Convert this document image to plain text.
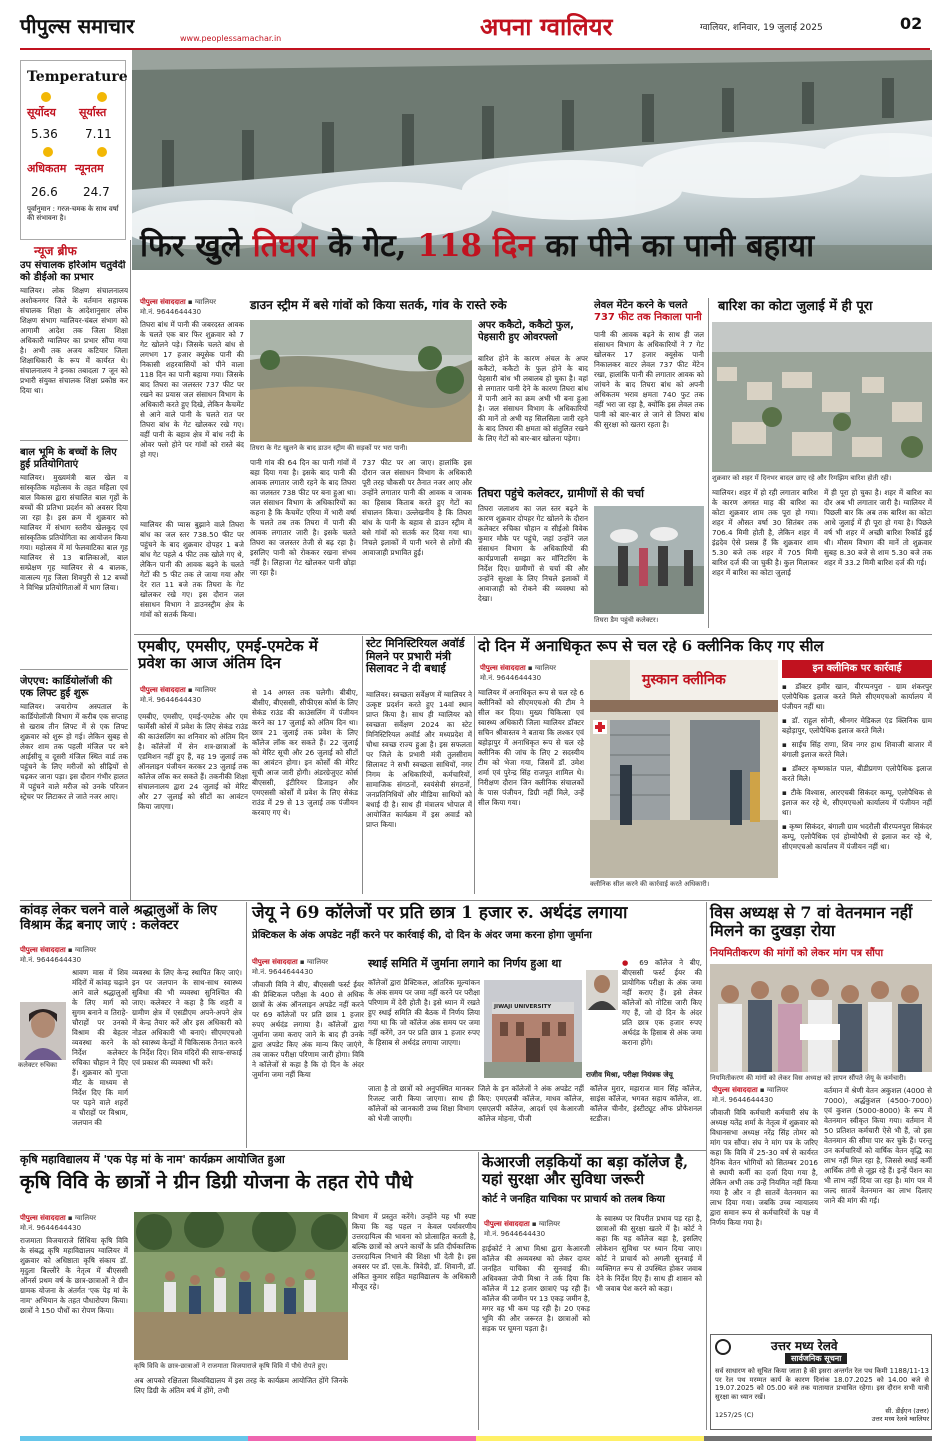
पीपुल्स समाचार
www.peoplessamachar.in	अपना ग्वालियर	ग्वालियर, शनिवार, 19 जुलाई 2025	02
Temperature
सूर्योदय सूर्यास्त
5.36 7.11
अधिकतम न्यूनतम
26.6 24.7
पूर्वानुमान : गरज-चमक के साथ वर्षा की संभावना है।
न्यूज ब्रीफ
उप संचालक हरिओम चतुर्वेदी को डीईओ का प्रभार
ग्वालियर। लोक शिक्षण संचालनालय अशोकनगर जिले के वर्तमान सहायक संचालक शिक्षा के आदेशानुसार लोक शिक्षण संभाग ग्वालियर-चंबल संभाग को आगामी आदेश तक जिला शिक्षा अधिकारी ग्वालियर का प्रभार सौंपा गया है। अभी तक अजय कटियार जिला शिक्षाधिकारी के रूप में कार्यरत थे। संचालनालय ने इनका तबादला 7 जून को प्रभारी संयुक्त संचालक शिक्षा प्रकोष्ठ कर दिया था।
बाल भूमि के बच्चों के लिए हुई प्रतियोगिताएं
ग्वालियर। मुख्यमंत्री बाल खेल व सांस्कृतिक महोत्सव के तहत महिला एवं बाल विकास द्वारा संचालित बाल गृहों के बच्चों की प्रतिभा प्रदर्शन को अवसर दिया जा रहा है। इस क्रम में शुक्रवार को ग्वालियर में संभाग स्तरीय खेलकूद एवं सांस्कृतिक प्रतियोगिता का आयोजन किया गया। महोत्सव में मां फेलवाटिका बाल गृह ग्वालियर से 13 बालिकाओं, बाल सम्प्रेक्षण गृह ग्वालियर से 4 बालक, वात्सल्य गृह जिला शिवपुरी से 12 बच्चों ने विभिन्न प्रतियोगिताओं में भाग लिया।
जेएएच: कार्डियोलॉजी की एक लिफ्ट हुई शुरू
ग्वालियर। जयारोग्य अस्पताल के कार्डियोलॉजी विभाग में करीब एक सप्ताह से खराब तीन लिफ्ट में से एक लिफ्ट शुक्रवार को शुरू हो गई। लेकिन सुबह से लेकर शाम तक पहली मंजिल पर बने आईसीयू व दूसरी मंजिल स्थित वार्ड तक पहुंचने के लिए मरीजों को सीढ़ियों से चढ़कर जाना पड़ा। इस दौरान गंभीर हालत में पहुंचने वाले मरीज को उनके परिजन स्ट्रेचर पर लिटाकर ले जाते नजर आए।
फिर खुले तिघरा के गेट, 118 दिन का पीने का पानी बहाया
पीपुल्स संवाददाता ▪ ग्वालियर
मो.नं. 9644644430	डाउन स्ट्रीम में बसे गांवों को किया सतर्क, गांव के रास्ते रुके
तिघरा के गेट खुलने के बाद डाउन स्ट्रीम की सड़कों पर भरा पानी।
तिघरा बांध में पानी की जबरदस्त आवक के चलते एक बार फिर शुक्रवार को 7 गेट खोलने पड़े। जिसके चलते बांध से लगभग 17 हजार क्यूसेक पानी की निकासी शहरवासियों को पीने वाला 118 दिन का पानी बहाया गया। जिसके बाद तिघरा का जलस्तर 737 फीट पर रखने का प्रयास जल संसाधन विभाग के अधिकारी करते हुए दिखे, लेकिन कैचमेंट से आने वाले पानी के चलते रात पर तिघरा बांध के गेट खोलकर रखे गए। वहीं पानी के बहाव क्षेत्र में बांध नदी के ओवर फ्लो होने पर गांवों को रास्ते बंद हो गए।
ग्वालियर की प्यास बुझाने वाले तिघरा बांध का जल स्तर 738.50 फीट पर पहुंचने के बाद शुक्रवार दोपहर 1 बजे बांध गेट पहले 4 फीट तक खोले गए थे, लेकिन पानी की आवक बढ़ने के चलते गेटों की 5 फीट तक ले जाया गया और देर रात 11 बजे तक तिघरा के गेट खोलकर रखे गए। इस दौरान जल संसाधन विभाग ने डाउनस्ट्रीम क्षेत्र के गांवों को सतर्क किया।
पानी गांव की 64 दिन का पानी गांवों में बहा दिया गया है। इसके बाद पानी की आवक लगातार जारी रहने के बाद तिघरा का जलस्तर 738 फीट पर बना हुआ था। जल संसाधन विभाग के अधिकारियों का कहना है कि कैचमेंट एरिया में भारी वर्षा के चलते तब तक तिघरा में पानी की आवक लगातार जारी है। इसके चलते तिघरा का जलस्तर तेजी से बढ़ रहा है। इसलिए पानी को रोककर रखना संभव नहीं है। लिहाजा गेट खोलकर पानी छोड़ा जा रहा है।
737 फीट पर आ जाए। हालांकि इस दौरान जल संसाधन विभाग के अधिकारी पूरी तरह चौकसी पर तैनात नजर आए और उन्होंने लगातार पानी की आवक व जावक का हिसाब किताब करते हुए गेटों का संचालन किया। उल्लेखनीय है कि तिघरा बांध के पानी के बहाव से डाउन स्ट्रीम में बसे गांवों को सतर्क कर दिया गया था। निचले इलाकों में पानी भरने से लोगों की आवाजाही प्रभावित हुई।
अपर ककैटो, ककैटो फुल, पेहसारी हुए ओवरफ्लो
बारिश होने के कारण अंचल के अपर ककैटो, ककैटो के फुल होने के बाद पेहसारी बांध भी लबालब हो चुका है। वहां से लगातार पानी देने के कारण तिघरा बांध में पानी आने का क्रम अभी भी बना हुआ है। जल संसाधन विभाग के अधिकारियों की मानें तो अभी यह सिलसिला जारी रहने के बाद तिघरा की क्षमता को संतुलित रखने के लिए गेटों को बार-बार खोलना पड़ेगा।
लेवल मेंटेन करने के चलते
737 फीट तक निकाला पानी
पानी की आवक बढ़ने के साथ ही जल संसाधन विभाग के अधिकारियों ने 7 गेट खोलकर 17 हजार क्यूसेक पानी निकालकर वाटर लेवल 737 फीट मेंटेन रखा, हालांकि पानी की लगातार आवक को जांचने के बाद तिघरा बांध को अपनी अधिकतम भराव क्षमता 740 फुट तक नहीं भरा जा रहा है, क्योंकि इस लेवल तक पानी को बार-बार ले जाने से तिघरा बांध की सुरक्षा को खतरा रहता है।
बारिश का कोटा जुलाई में ही पूरा
शुक्रवार को शहर में दिनभर बादल छाए रहे और रिमझिम बारिश होती रही।
ग्वालियर। शहर में हो रही लगातार बारिश के कारण अगस्त माह की बारिश का कोटा शुक्रवार शाम तक पूरा हो गया। शहर में औसत वर्षा 30 सितंबर तक 706.4 मिमी होती है, लेकिन शहर में इंद्रदेव ऐसे प्रसन्न हैं कि शुक्रवार शाम 5.30 बजे तक शहर में 705 मिमी बारिश दर्ज की जा चुकी है। कुल मिलाकर शहर में बारिश का कोटा जुलाई
में ही पूरा हो चुका है। शहर में बारिश का दौर अब भी लगातार जारी है। ग्वालियर में पिछली बार कि अब तक बारिश का कोटा आधे जुलाई में ही पूरा हो गया है। पिछले वर्ष भी शहर में अच्छी बारिश रिकॉर्ड हुई थी। मौसम विभाग की मानें तो शुक्रवार सुबह 8.30 बजे से शाम 5.30 बजे तक शहर में 33.2 मिमी बारिश दर्ज की गई।
तिघरा पहुंचे कलेक्टर, ग्रामीणों से की चर्चा
तिघरा जलाशय का जल स्तर बढ़ने के कारण शुक्रवार दोपहर गेट खोलने के दौरान कलेक्टर रुचिका चौहान व सीईओ विवेक कुमार मौके पर पहुंचे, जहां उन्होंने जल संसाधन विभाग के अधिकारियों की कार्यप्रणाली समझा कर मॉनिटरिंग के निर्देश दिए। ग्रामीणों से चर्चा की और उन्होंने सुरक्षा के लिए निचले इलाकों में आवाजाही को रोकने की व्यवस्था को देखा।
तिघरा डैम पहुंची कलेक्टर।
एमबीए, एमसीए, एमई-एमटेक में प्रवेश का आज अंतिम दिन
पीपुल्स संवाददाता ▪ ग्वालियर
मो.नं. 9644644430
एमबीए, एमसीए, एमई-एमटेक और एम फार्मेसी कोर्स में प्रवेश के लिए सेकंड राउंड की काउंसलिंग का शनिवार को अंतिम दिन है। कॉलेजों में सेन शत्र-छात्राओं के एडमिशन नहीं हुए हैं, वह 19 जुलाई तक ऑनलाइन पंजीयन करकर 23 जुलाई तक कॉलेज लॉक कर सकते हैं। तकनीकी शिक्षा संचालनालय द्वारा 24 जुलाई को मेरिट और 27 जुलाई को सीटों का आवंटन किया जाएगा।
से 14 अगस्त तक चलेगी। बीबीए, बीसीए, बीएससी, सीफीएस कोर्स के लिए सेकंड राउंड की काउंसलिंग में पंजीयन करने का 17 जुलाई को अंतिम दिन था। छात्र 21 जुलाई तक प्रवेश के लिए कॉलेज लॉक कर सकते हैं। 22 जुलाई को मेरिट सूची और 26 जुलाई को सीटों का आवंटन होगा। इन कोर्सों की मेरिट सूची आज जारी होगी। अंडरग्रेजुएट कोर्स बीएससी, इंटीरियर डिजाइन और एमएससी कोर्सों में प्रवेश के लिए सेकंड राउंड में 29 से 13 जुलाई तक पंजीयन करवाए गए थे।
स्टेट मिनिस्टिरियल अवॉर्ड मिलने पर प्रभारी मंत्री सिलावट ने दी बधाई
ग्वालियर। स्वच्छता सर्वेक्षण में ग्वालियर ने उत्कृष्ट प्रदर्शन करते हुए 14वां स्थान प्राप्त किया है। साथ ही ग्वालियर को स्वच्छता सर्वेक्षण 2024 का स्टेट मिनिस्टिरियल अवॉर्ड और मध्यप्रदेश में चौथा स्वच्छ राज्य हुआ है। इस सफलता पर जिले के प्रभारी मंत्री तुलसीराम सिलावट ने सभी स्वच्छता साथियों, नगर निगम के अधिकारियों, कर्मचारियों, सामाजिक संगठनों, स्वयंसेवी संगठनों, जनप्रतिनिधियों और मीडिया साथियों को बधाई दी है। साथ ही मंत्रालय भोपाल में आयोजित कार्यक्रम में इस अवार्ड को प्राप्त किया।
दो दिन में अनाधिकृत रूप से चल रहे 6 क्लीनिक किए गए सील
पीपुल्स संवाददाता ▪ ग्वालियर
मो.नं. 9644644430
ग्वालियर में अनाधिकृत रूप से चल रहे 6 क्लीनिकों को सीएमएचओ की टीम ने सील कर दिया। मुख्य चिकित्सा एवं स्वास्थ्य अधिकारी जिला ग्वालियर डॉक्टर सचिन श्रीवास्तव ने बताया कि लश्कर एवं बहोड़ापुर में अनाधिकृत रूप से चल रहे क्लीनिक की जांच के लिए 2 सदस्यीय टीम को भेजा गया, जिसमें डॉ. उमेश शर्मा एवं पुरेन्द्र सिंह राजपूत शामिल थे। निरीक्षण दौरान जिन क्लीनिक संचालकों के पास पंजीयन, डिग्री नहीं मिले, उन्हें सील किया गया।
मुस्कान क्लीनिक
क्लीनिक सील करने की कार्रवाई करते अधिकारी।
इन क्लीनिक पर कार्रवाई
▪ डॉक्टर हमीर खान, वीरप्पनपुरा - ग्राम शंकरपुर एलोपैथिक इलाज करते मिले सीएमएचओ कार्यालय में पंजीयन नहीं था।
▪ डॉ. राहुल सोनी, श्रीनगर मेडिकल एंड क्लिनिक ग्राम बहोड़ापुर, एलोपैथिक इलाज करते मिले।
▪ साईंच सिंह राणा, शिव नगर हाथ शिवाजी बाजार में बंगाली इलाज करते मिले।
▪ डॉक्टर कृष्णकांत पाल, बीडीप्रगण एलोपैथिक इलाज करते मिले।
▪ टीके विश्वास, आरएचबी सिकंदर कम्पू, एलोपैथिक से इलाज कर रहे थे, सीएमएचओ कार्यालय में पंजीयन नहीं था।
▪ कृष्ण सिकंदर, बंगाली ग्राम भदरौली वीरप्पनपुरा सिकंदर कम्पू, एलोपैथिक एवं होम्योपैथी से इलाज कर रहे थे, सीएमएचओ कार्यालय में पंजीयन नहीं था।
कांवड़ लेकर चलने वाले श्रद्धालुओं के लिए विश्राम केंद्र बनाए जाएं : कलेक्टर
पीपुल्स संवाददाता ▪ ग्वालियर
मो.नं. 9644644430
कलेक्टर रुचिका
श्रावण मास में शिव मंदिरों में कांवड़ चढ़ाने आने वाले श्रद्धालुओं के लिए मार्ग को सुगम बनाने व तिराहे-चौराहों पर उनको विश्राम की बेहतर व्यवस्था करने के निर्देश कलेक्टर रुचिका चौहान ने दिए हैं। शुक्रवार को गुप्ता मीट के माध्यम से निर्देश दिए कि मार्ग पर पड़ने वाले शहरों व चौराहों पर विश्राम, जलपान की
व्यवस्था के लिए केन्द्र स्थापित किए जाएं। इन पर जलपान के साथ-साथ स्वास्थ्य सुविधा की भी व्यवस्था सुनिश्चित की जाए। कलेक्टर ने कहा है कि शहरी व ग्रामीण क्षेत्र में एसडीएम अपने-अपने क्षेत्र में केन्द्र तैयार करें और इस अधिकारी को नोडल अधिकारी भी बनाएं। सीएमएचओ को स्वास्थ्य केन्द्रों में चिकित्सक तैनात करने के निर्देश दिए। शिव मंदिरों की साफ-सफाई एवं प्रकाश की व्यवस्था भी करें।
जेयू ने 69 कॉलेजों पर प्रति छात्र 1 हजार रु. अर्थदंड लगाया
प्रेक्टिकल के अंक अपडेट नहीं करने पर कार्रवाई की, दो दिन के अंदर जमा करना होगा जुर्माना
पीपुल्स संवाददाता ▪ ग्वालियर
मो.नं. 9644644430
जीवाजी विवि ने बीए, बीएससी फर्स्ट ईयर की प्रैक्टिकल परीक्षा के 400 से अधिक छात्रों के अंक ऑनलाइन अपडेट नहीं करने पर 69 कॉलेजों पर प्रति छात्र 1 हजार रुपए अर्थदंड लगाया है। कॉलेजों द्वारा जुर्माना जमा कराए जाने के बाद ही उनके द्वारा अपडेट किए अंक मान्य किए जाएंगे, तब जाकर परीक्षा परिणाम जारी होगा। विवि ने कॉलेजों से कहा है कि दो दिन के अंदर जुर्माना जमा नहीं किया
स्थाई समिति में जुर्माना लगाने का निर्णय हुआ था
कॉलेजों द्वारा प्रैक्टिकल, आंतरिक मूल्यांकन के अंक समय पर जमा नहीं करने पर परीक्षा परिणाम में देरी होती है। इसे ध्यान में रखते हुए स्थाई समिति की बैठक में निर्णय लिया गया था कि जो कॉलेज अंक समय पर जमा नहीं करेंगे, उन पर प्रति छात्र 1 हजार रुपए के हिसाब से अर्थदंड लगाया जाएगा।
JIWAJI UNIVERSITY
● 69 कॉलेज ने बीए, बीएससी फर्स्ट ईयर की प्रायोगिक परीक्षा के अंक जमा नहीं कराए हैं। इसे लेकर कॉलेजों को नोटिस जारी किए गए हैं, जो दो दिन के अंदर प्रति छात्र एक हजार रुपए अर्थदंड के हिसाब से अंक जमा कराना होंगे।
राजीव मिश्रा, परीक्षा नियंत्रक जेयू
जाता है तो छात्रों को अनुपस्थित मानकर रिजल्ट जारी किया जाएगा। साथ ही कॉलेजों को जानकारी उच्च शिक्षा विभाग को भेजी जाएगी।
जिले के इन कॉलेजों ने अंक अपडेट नहीं किए: एमएलबी कॉलेज, माधव कॉलेज, एसएलपी कॉलेज, आदर्श एवं केआरजी कॉलेज मोहना, पीजी
कॉलेज मुरार, महाराज मान सिंह कॉलेज, साइंस कॉलेज, भगवत सहाय कॉलेज, शा. कॉलेज चीनौर, इंस्टीट्यूट ऑफ प्रोफेशनल स्टडीज।
विस अध्यक्ष से 7 वां वेतनमान नहीं मिलने का दुखड़ा रोया
नियमितीकरण की मांगों को लेकर मांग पत्र सौंपा
नियमितीकरण की मांगों को लेकर विस अध्यक्ष को ज्ञापन सौंपते जेयू के कर्मचारी।
पीपुल्स संवाददाता ▪ ग्वालियर
मो.नं. 9644644430
जीवाजी विवि कर्मचारी कर्मचारी संघ के अध्यक्ष यतेंद्र शर्मा के नेतृत्व में शुक्रवार को विधानसभा अध्यक्ष नरेंद्र सिंह तोमर को मांग पत्र सौंपा। संघ ने मांग पत्र के जरिए कहा कि विवि में 25-30 वर्ष से कार्यरत दैनिक वेतन भोगियों को सितम्बर 2016 से स्थायी कर्मी का दर्जा दिया गया है, लेकिन अभी तक उन्हें नियमित नहीं किया गया है और न ही सातवें वेतनमान का लाभ दिया गया। जबकि उच्च न्यायालय द्वारा समान रूप से कर्मचारियों के पक्ष में निर्णय किया गया है।
वर्तमान में श्रेणी वेतन अकुशल (4000 से 7000), अर्द्धकुशल (4500-7000) एवं कुशल (5000-8000) के रूप में वेतनमान स्वीकृत किया गया। वर्तमान में 50 प्रतिशत कर्मचारी ऐसे भी हैं, जो इस वेतनमान की सीमा पार कर चुके हैं। परन्तु उन कर्मचारियों को वार्षिक वेतन वृद्धि का लाभ नहीं मिल रहा है, जिससे स्थाई कर्मी आर्थिक तंगी से जूझ रहे हैं। इन्हें पेंशन का भी लाभ नहीं दिया जा रहा है। मांग पत्र में जल्द सातवें वेतनमान का लाभ दिलाए जाने की मांग की गई।
उत्तर मध्य रेलवे
सार्वजनिक सूचना
सर्व साधारण को सूचित किया जाता है की इसरा अन्तर्गत रेल पथ किमी 1188/11-13 पर रेल पथ मरम्मत कार्य के कारण दिनांक 18.07.2025 को 14.00 बजे से 19.07.2025 को 05.00 बजे तक यातायात प्रभावित रहेगा। इस दौरान सभी यात्री सुरक्षा का ध्यान रखें।
1257/25 (C)	सी. डीईएन (उत्तर)
उत्तर मध्य रेलवे ग्वालियर
कृषि महाविद्यालय में 'एक पेड़ मां के नाम' कार्यक्रम आयोजित हुआ
कृषि विवि के छात्रों ने ग्रीन डिग्री योजना के तहत रोपे पौधे
पीपुल्स संवाददाता ▪ ग्वालियर
मो.नं. 9644644430
राजमाता विजयाराजे सिंधिया कृषि विवि के संबद्ध कृषि महाविद्यालय ग्वालियर में शुक्रवार को अधिष्ठाता कृषि संकाय डॉ. मृदुला बिल्लौरे के नेतृत्व में बीएससी ऑनर्स प्रथम वर्ष के छात्र-छात्राओं ने ग्रीन ग्रामक योजना के अंतर्गत 'एक पेड़ मां के नाम' अभियान के तहत पौधारोपण किया। छात्रों ने 150 पौधों का रोपण किया।
कृषि विवि के छात्र-छात्राओं ने राजमाता विजयाराजे कृषि विवि में पौधे रोपते हुए।
अब आपको रक्षितला विश्वविद्यालय में इस तरह के कार्यक्रम आयोजित होंगे जिनके लिए डिग्री के अंतिम वर्ष में होंगे, तभी
विभाग में प्रस्तुत करेंगे। उन्होंने यह भी स्पष्ट किया कि यह पहल न केवल पर्यावरणीय उत्तरदायित्व की भावना को प्रोत्साहित करती है, बल्कि छात्रों को अपने कार्यों के प्रति दीर्घकालिक उत्तरदायित्व निभाने की शिक्षा भी देती है। इस अवसर पर डॉ. एस.के. त्रिवेदी, डॉ. शिवानी, डॉ. अंकित कुमार सहित महाविद्यालय के अधिकारी मौजूद रहे।
केआरजी लड़कियों का बड़ा कॉलेज है, यहां सुरक्षा और सुविधा जरूरी
कोर्ट ने जनहित याचिका पर प्राचार्य को तलब किया
पीपुल्स संवाददाता ▪ ग्वालियर
मो.नं. 9644644430
हाईकोर्ट ने आभा मिश्रा द्वारा केआरजी कॉलेज की अव्यवस्था को लेकर दायर जनहित याचिका की सुनवाई की। अधिवक्ता जेपी मिश्रा ने तर्क दिया कि कॉलेज में 12 हजार छात्राएं पढ़ रही हैं। कॉलेज की जमीन पर 13 एकड़ जमीन है, मगर वह भी कम पड़ रही है। 20 एकड़ भूमि की और जरूरत है। छात्राओं को सड़क पर घूमना पड़ता है।
के स्वास्थ्य पर विपरीत प्रभाव पड़ रहा है, छात्राओं की सुरक्षा खतरे में है। कोर्ट ने कहा कि यह कॉलेज बड़ा है, इसलिए लोकेशन सुविधा पर ध्यान दिया जाए। कोर्ट ने प्राचार्य को अगली सुनवाई में व्यक्तिगत रूप से उपस्थित होकर जवाब देने के निर्देश दिए हैं। साथ ही शासन को भी जवाब पेश करने को कहा।
